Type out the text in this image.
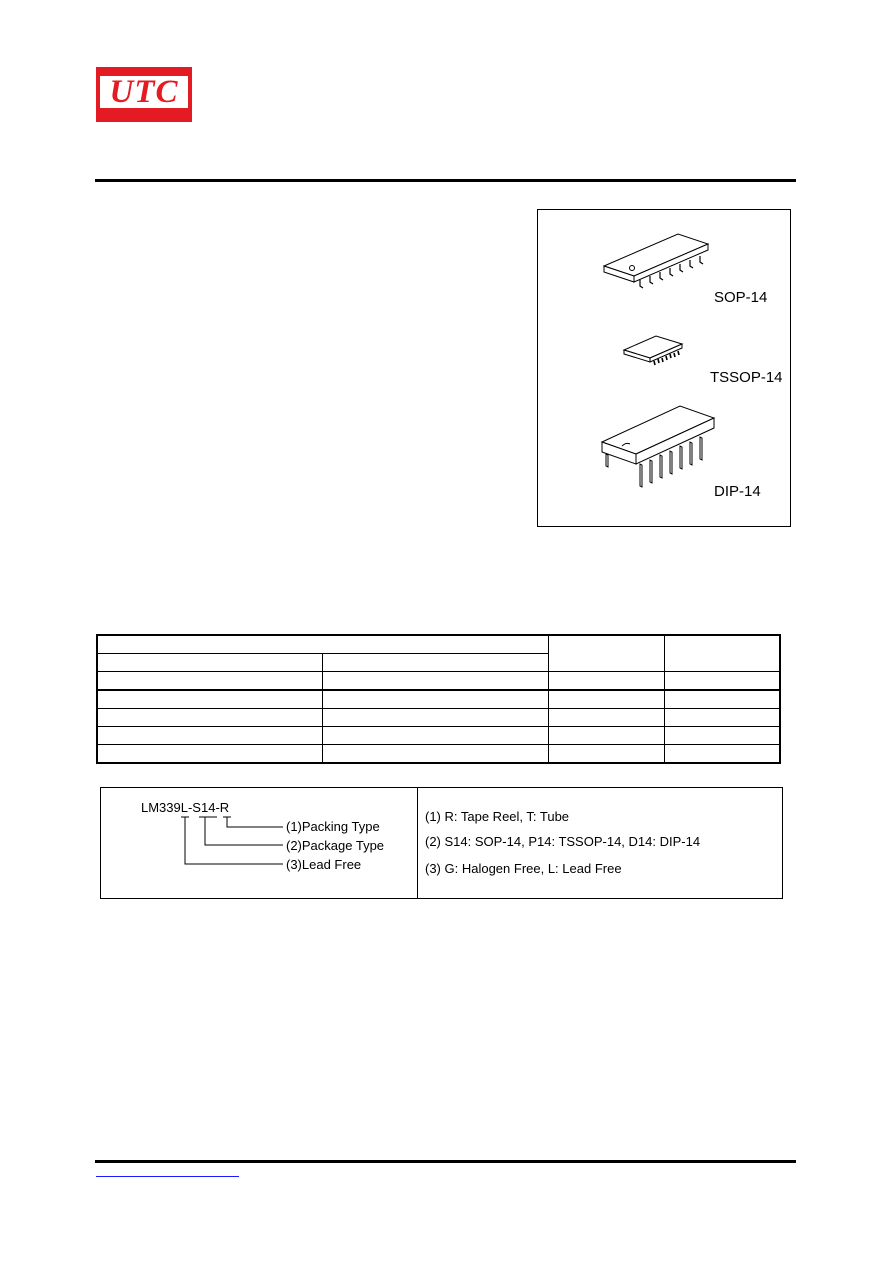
UTC
SOP-14
TSSOP-14
DIP-14

LM339L-S14-R
(1)Packing Type
(2)Package Type
(3)Lead Free
(1) R: Tape Reel, T: Tube
(2) S14: SOP-14, P14: TSSOP-14, D14: DIP-14
(3) G: Halogen Free, L: Lead Free
